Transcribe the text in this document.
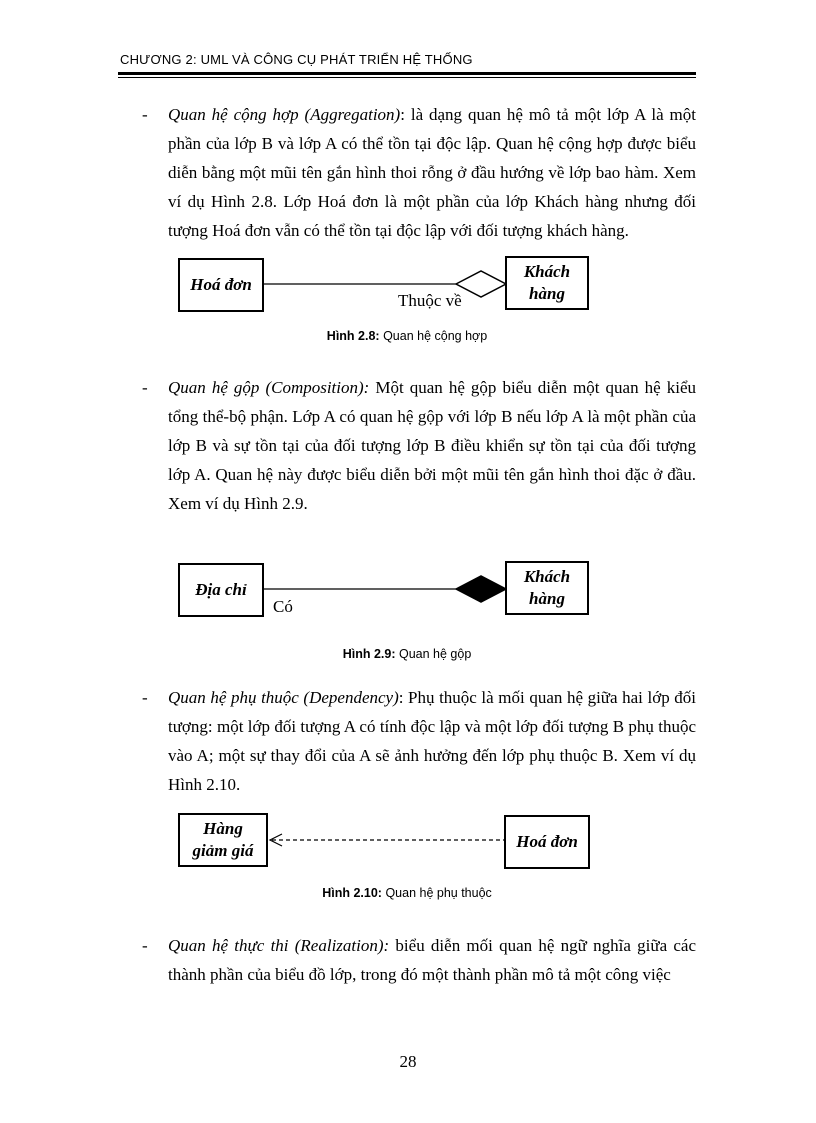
CHƯƠNG 2: UML VÀ CÔNG CỤ PHÁT TRIỂN HỆ THỐNG
- Quan hệ cộng hợp (Aggregation): là dạng quan hệ mô tả một lớp A là một phần của lớp B và lớp A có thể tồn tại độc lập. Quan hệ cộng hợp được biểu diễn bằng một mũi tên gắn hình thoi rỗng ở đầu hướng về lớp bao hàm. Xem ví dụ Hình 2.8. Lớp Hoá đơn là một phần của lớp Khách hàng nhưng đối tượng Hoá đơn vẫn có thể tồn tại độc lập với đối tượng khách hàng.
Hoá đơn
Khách
hàng
Thuộc về
Hình 2.8: Quan hệ cộng hợp
- Quan hệ gộp (Composition): Một quan hệ gộp biểu diễn một quan hệ kiểu tổng thể-bộ phận. Lớp A có quan hệ gộp với lớp B nếu lớp A là một phần của lớp B và sự tồn tại của đối tượng lớp B điều khiển sự tồn tại của đối tượng lớp A. Quan hệ này được biểu diễn bởi một mũi tên gắn hình thoi đặc ở đầu. Xem ví dụ Hình 2.9.
Địa chỉ
Khách
hàng
Có
Hình 2.9: Quan hệ gộp
- Quan hệ phụ thuộc (Dependency): Phụ thuộc là mối quan hệ giữa hai lớp đối tượng: một lớp đối tượng A có tính độc lập và một lớp đối tượng B phụ thuộc vào A; một sự thay đổi của A sẽ ảnh hưởng đến lớp phụ thuộc B. Xem ví dụ Hình 2.10.
Hàng
giảm giá	Hoá đơn
Hình 2.10: Quan hệ phụ thuộc
- Quan hệ thực thi (Realization): biểu diễn mối quan hệ ngữ nghĩa giữa các thành phần của biểu đồ lớp, trong đó một thành phần mô tả một công việc
28
